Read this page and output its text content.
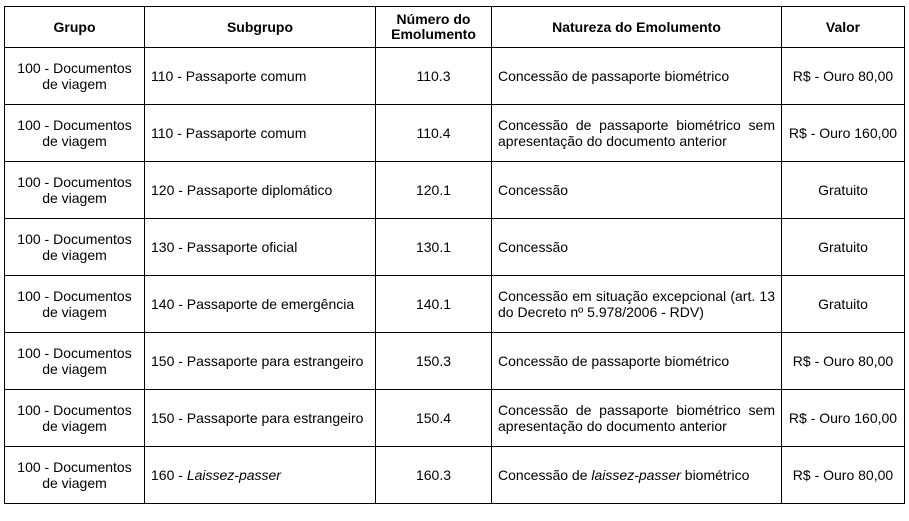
Grupo	Subgrupo	Número do Emolumento	Natureza do Emolumento	Valor
100 - Documentos de viagem	110 - Passaporte comum	110.3	Concessão de passaporte biométrico	R$ - Ouro 80,00
100 - Documentos de viagem	110 - Passaporte comum	110.4	Concessão de passaporte biométrico sem apresentação do documento anterior	R$ - Ouro 160,00
100 - Documentos de viagem	120 - Passaporte diplomático	120.1	Concessão	Gratuito
100 - Documentos de viagem	130 - Passaporte oficial	130.1	Concessão	Gratuito
100 - Documentos de viagem	140 - Passaporte de emergência	140.1	Concessão em situação excepcional (art. 13 do Decreto nº 5.978/2006 - RDV)	Gratuito
100 - Documentos de viagem	150 - Passaporte para estrangeiro	150.3	Concessão de passaporte biométrico	R$ - Ouro 80,00
100 - Documentos de viagem	150 - Passaporte para estrangeiro	150.4	Concessão de passaporte biométrico sem apresentação do documento anterior	R$ - Ouro 160,00
100 - Documentos de viagem	160 - Laissez-passer	160.3	Concessão de laissez-passer biométrico	R$ - Ouro 80,00
